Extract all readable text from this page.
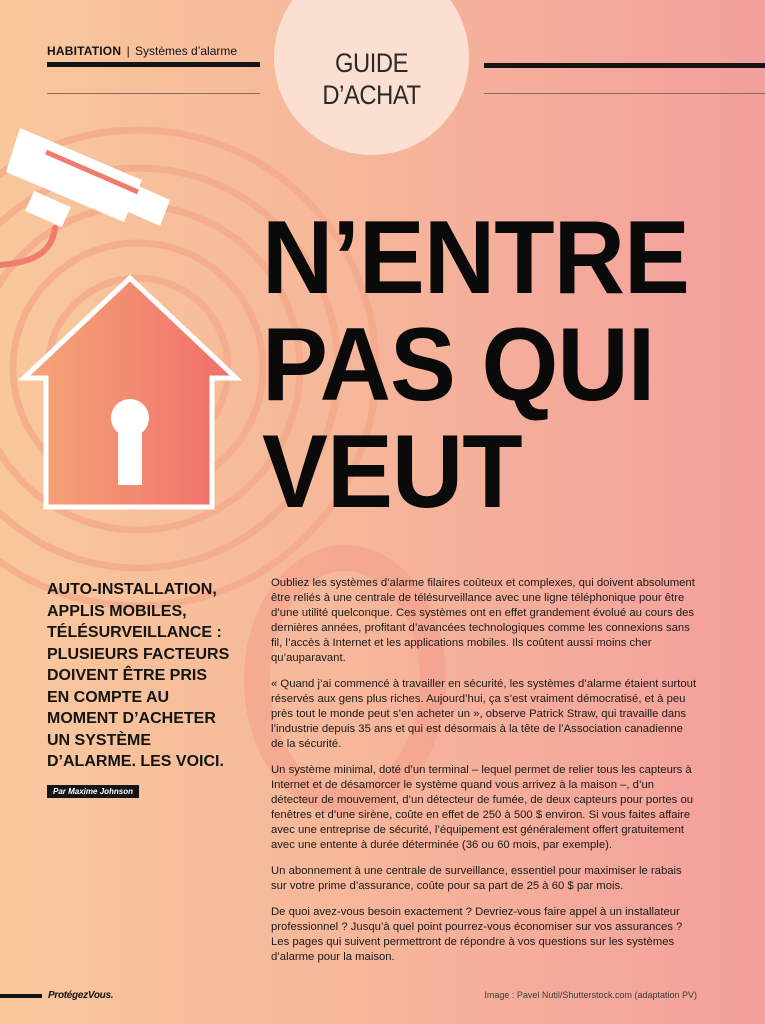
HABITATION | Systèmes d’alarme	GUIDE D’ACHAT
N’ENTRE
PAS QUI
VEUT
AUTO-INSTALLATION, APPLIS MOBILES, TÉLÉSURVEILLANCE : PLUSIEURS FACTEURS DOIVENT ÊTRE PRIS EN COMPTE AU MOMENT D’ACHETER UN SYSTÈME D’ALARME. LES VOICI.
Par Maxime Johnson

Oubliez les systèmes d’alarme filaires coûteux et complexes, qui doivent absolument être reliés à une centrale de télésurveillance avec une ligne téléphonique pour être d’une utilité quelconque. Ces systèmes ont en effet grandement évolué au cours des dernières années, profitant d’avancées technologiques comme les connexions sans fil, l’accès à Internet et les applications mobiles. Ils coûtent aussi moins cher qu’auparavant.

« Quand j’ai commencé à travailler en sécurité, les systèmes d’alarme étaient surtout réservés aux gens plus riches. Aujourd’hui, ça s’est vraiment démocratisé, et à peu près tout le monde peut s’en acheter un », observe Patrick Straw, qui travaille dans l’industrie depuis 35 ans et qui est désormais à la tête de l’Association canadienne de la sécurité.

Un système minimal, doté d’un terminal – lequel permet de relier tous les capteurs à Internet et de désamorcer le système quand vous arrivez à la maison –, d’un détecteur de mouvement, d’un détecteur de fumée, de deux capteurs pour portes ou fenêtres et d’une sirène, coûte en effet de 250 à 500 $ environ. Si vous faites affaire avec une entreprise de sécurité, l’équipement est généralement offert gratuitement avec une entente à durée déterminée (36 ou 60 mois, par exemple).

Un abonnement à une centrale de surveillance, essentiel pour maximiser le rabais sur votre prime d’assurance, coûte pour sa part de 25 à 60 $ par mois.

De quoi avez-vous besoin exactement ? Devriez-vous faire appel à un installateur professionnel ? Jusqu’à quel point pourrez-vous économiser sur vos assurances ? Les pages qui suivent permettront de répondre à vos questions sur les systèmes d’alarme pour la maison.

ProtégezVous.	Image : Pavel Nutil/Shutterstock.com (adaptation PV)
